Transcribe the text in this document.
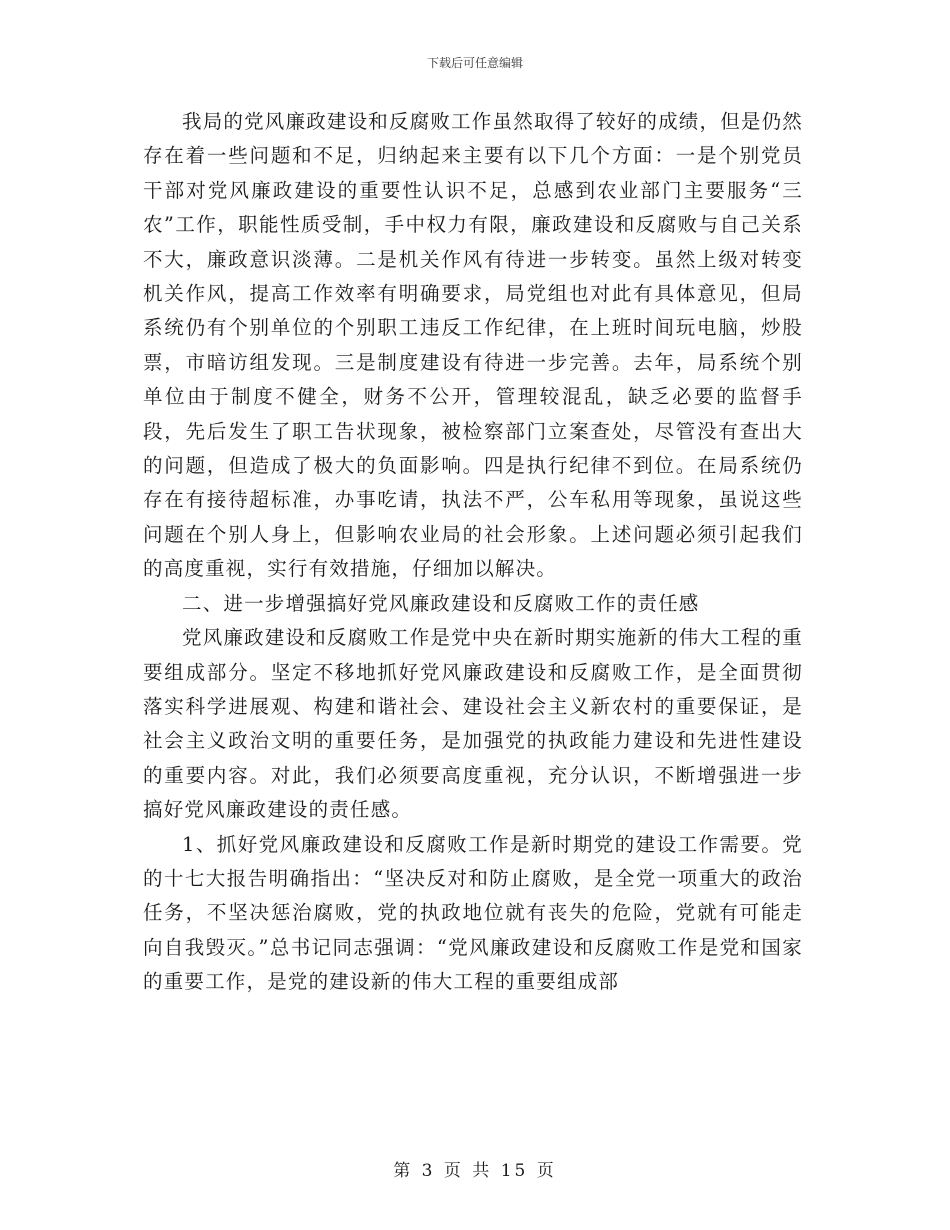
下载后可任意编辑

我局的党风廉政建设和反腐败工作虽然取得了较好的成绩，但是仍然存在着一些问题和不足，归纳起来主要有以下几个方面：一是个别党员干部对党风廉政建设的重要性认识不足，总感到农业部门主要服务“三农”工作，职能性质受制，手中权力有限，廉政建设和反腐败与自己关系不大，廉政意识淡薄。二是机关作风有待进一步转变。虽然上级对转变机关作风，提高工作效率有明确要求，局党组也对此有具体意见，但局系统仍有个别单位的个别职工违反工作纪律，在上班时间玩电脑，炒股票，市暗访组发现。三是制度建设有待进一步完善。去年，局系统个别单位由于制度不健全，财务不公开，管理较混乱，缺乏必要的监督手段，先后发生了职工告状现象，被检察部门立案查处，尽管没有查出大的问题，但造成了极大的负面影响。四是执行纪律不到位。在局系统仍存在有接待超标准，办事吃请，执法不严，公车私用等现象，虽说这些问题在个别人身上，但影响农业局的社会形象。上述问题必须引起我们的高度重视，实行有效措施，仔细加以解决。

二、进一步增强搞好党风廉政建设和反腐败工作的责任感

党风廉政建设和反腐败工作是党中央在新时期实施新的伟大工程的重要组成部分。坚定不移地抓好党风廉政建设和反腐败工作，是全面贯彻落实科学进展观、构建和谐社会、建设社会主义新农村的重要保证，是社会主义政治文明的重要任务，是加强党的执政能力建设和先进性建设的重要内容。对此，我们必须要高度重视，充分认识，不断增强进一步搞好党风廉政建设的责任感。

1、抓好党风廉政建设和反腐败工作是新时期党的建设工作需要。党的十七大报告明确指出：“坚决反对和防止腐败，是全党一项重大的政治任务，不坚决惩治腐败，党的执政地位就有丧失的危险，党就有可能走向自我毁灭。”总书记同志强调：“党风廉政建设和反腐败工作是党和国家的重要工作，是党的建设新的伟大工程的重要组成部

第 3 页 共 15 页
